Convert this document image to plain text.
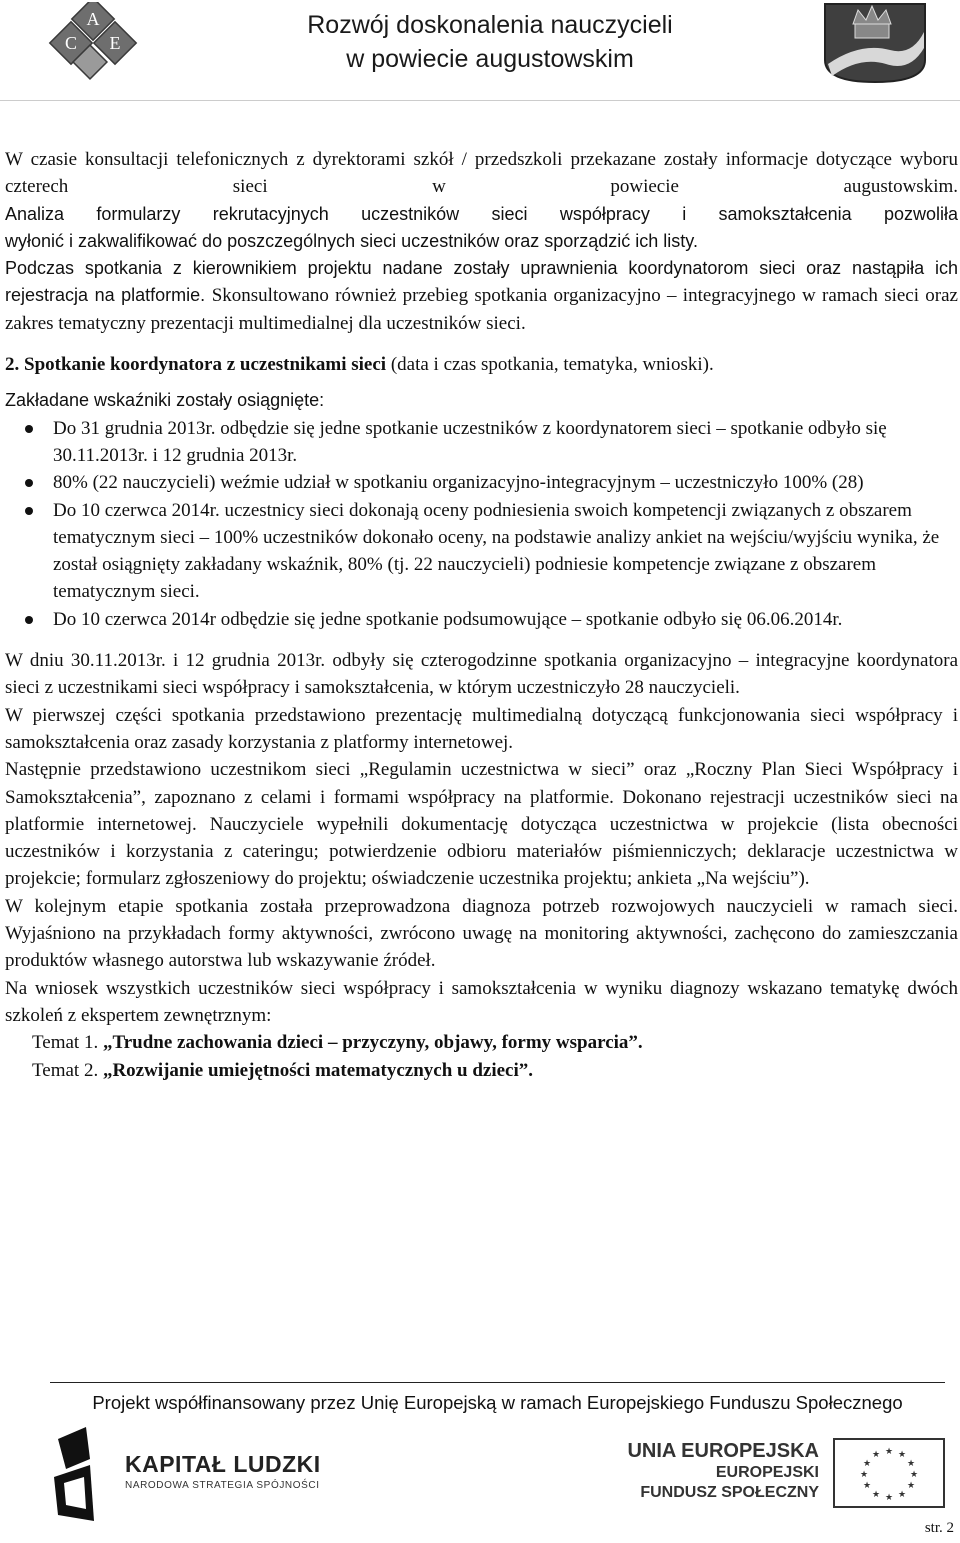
A
C E
Rozwój doskonalenia nauczycieli
w powiecie augustowskim

W czasie konsultacji telefonicznych z dyrektorami szkół / przedszkoli przekazane zostały informacje dotyczące wyboru czterech sieci w powiecie augustowskim.

Analiza formularzy rekrutacyjnych uczestników sieci współpracy i samokształcenia pozwoliła

wyłonić i zakwalifikować do poszczególnych sieci uczestników oraz sporządzić ich listy.

Podczas spotkania z kierownikiem projektu nadane zostały uprawnienia koordynatorom sieci oraz nastąpiła ich rejestracja na platformie. Skonsultowano również przebieg spotkania organizacyjno – integracyjnego w ramach sieci oraz zakres tematyczny prezentacji multimedialnej dla uczestników sieci.

2. Spotkanie koordynatora z uczestnikami sieci (data i czas spotkania, tematyka, wnioski).

Zakładane wskaźniki zostały osiągnięte:

Do 31 grudnia 2013r. odbędzie się jedne spotkanie uczestników z koordynatorem sieci – spotkanie odbyło się 30.11.2013r. i 12 grudnia 2013r.
80% (22 nauczycieli) weźmie udział w spotkaniu organizacyjno-integracyjnym – uczestniczyło 100% (28)
Do 10 czerwca 2014r. uczestnicy sieci dokonają oceny podniesienia swoich kompetencji związanych z obszarem tematycznym sieci – 100% uczestników dokonało oceny, na podstawie analizy ankiet na wejściu/wyjściu wynika, że został osiągnięty zakładany wskaźnik, 80% (tj. 22 nauczycieli) podniesie kompetencje związane z obszarem tematycznym sieci.
Do 10 czerwca 2014r odbędzie się jedne spotkanie podsumowujące – spotkanie odbyło się 06.06.2014r.

W dniu 30.11.2013r. i 12 grudnia 2013r. odbyły się czterogodzinne spotkania organizacyjno – integracyjne koordynatora sieci z uczestnikami sieci współpracy i samokształcenia, w którym uczestniczyło 28 nauczycieli.

W pierwszej części spotkania przedstawiono prezentację multimedialną dotyczącą funkcjonowania sieci współpracy i samokształcenia oraz zasady korzystania z platformy internetowej.

Następnie przedstawiono uczestnikom sieci „Regulamin uczestnictwa w sieci” oraz „Roczny Plan Sieci Współpracy i Samokształcenia”, zapoznano z celami i formami współpracy na platformie. Dokonano rejestracji uczestników sieci na platformie internetowej. Nauczyciele wypełnili dokumentację dotycząca uczestnictwa w projekcie (lista obecności uczestników i korzystania z cateringu; potwierdzenie odbioru materiałów piśmienniczych; deklaracje uczestnictwa w projekcie; formularz zgłoszeniowy do projektu; oświadczenie uczestnika projektu; ankieta „Na wejściu”).

W kolejnym etapie spotkania została przeprowadzona diagnoza potrzeb rozwojowych nauczycieli w ramach sieci. Wyjaśniono na przykładach formy aktywności, zwrócono uwagę na monitoring aktywności, zachęcono do zamieszczania produktów własnego autorstwa lub wskazywanie źródeł.

Na wniosek wszystkich uczestników sieci współpracy i samokształcenia w wyniku diagnozy wskazano tematykę dwóch szkoleń z ekspertem zewnętrznym:

Temat 1. „Trudne zachowania dzieci – przyczyny, objawy, formy wsparcia”.

Temat 2. „Rozwijanie umiejętności matematycznych u dzieci”.

Projekt współfinansowany przez Unię Europejską w ramach Europejskiego Funduszu Społecznego
KAPITAŁ LUDZKI
NARODOWA STRATEGIA SPÓJNOŚCI
UNIA EUROPEJSKA
EUROPEJSKI
FUNDUSZ SPOŁECZNY
★ ★
★
★
★
★
★
★
★
★
★
★
str. 2
